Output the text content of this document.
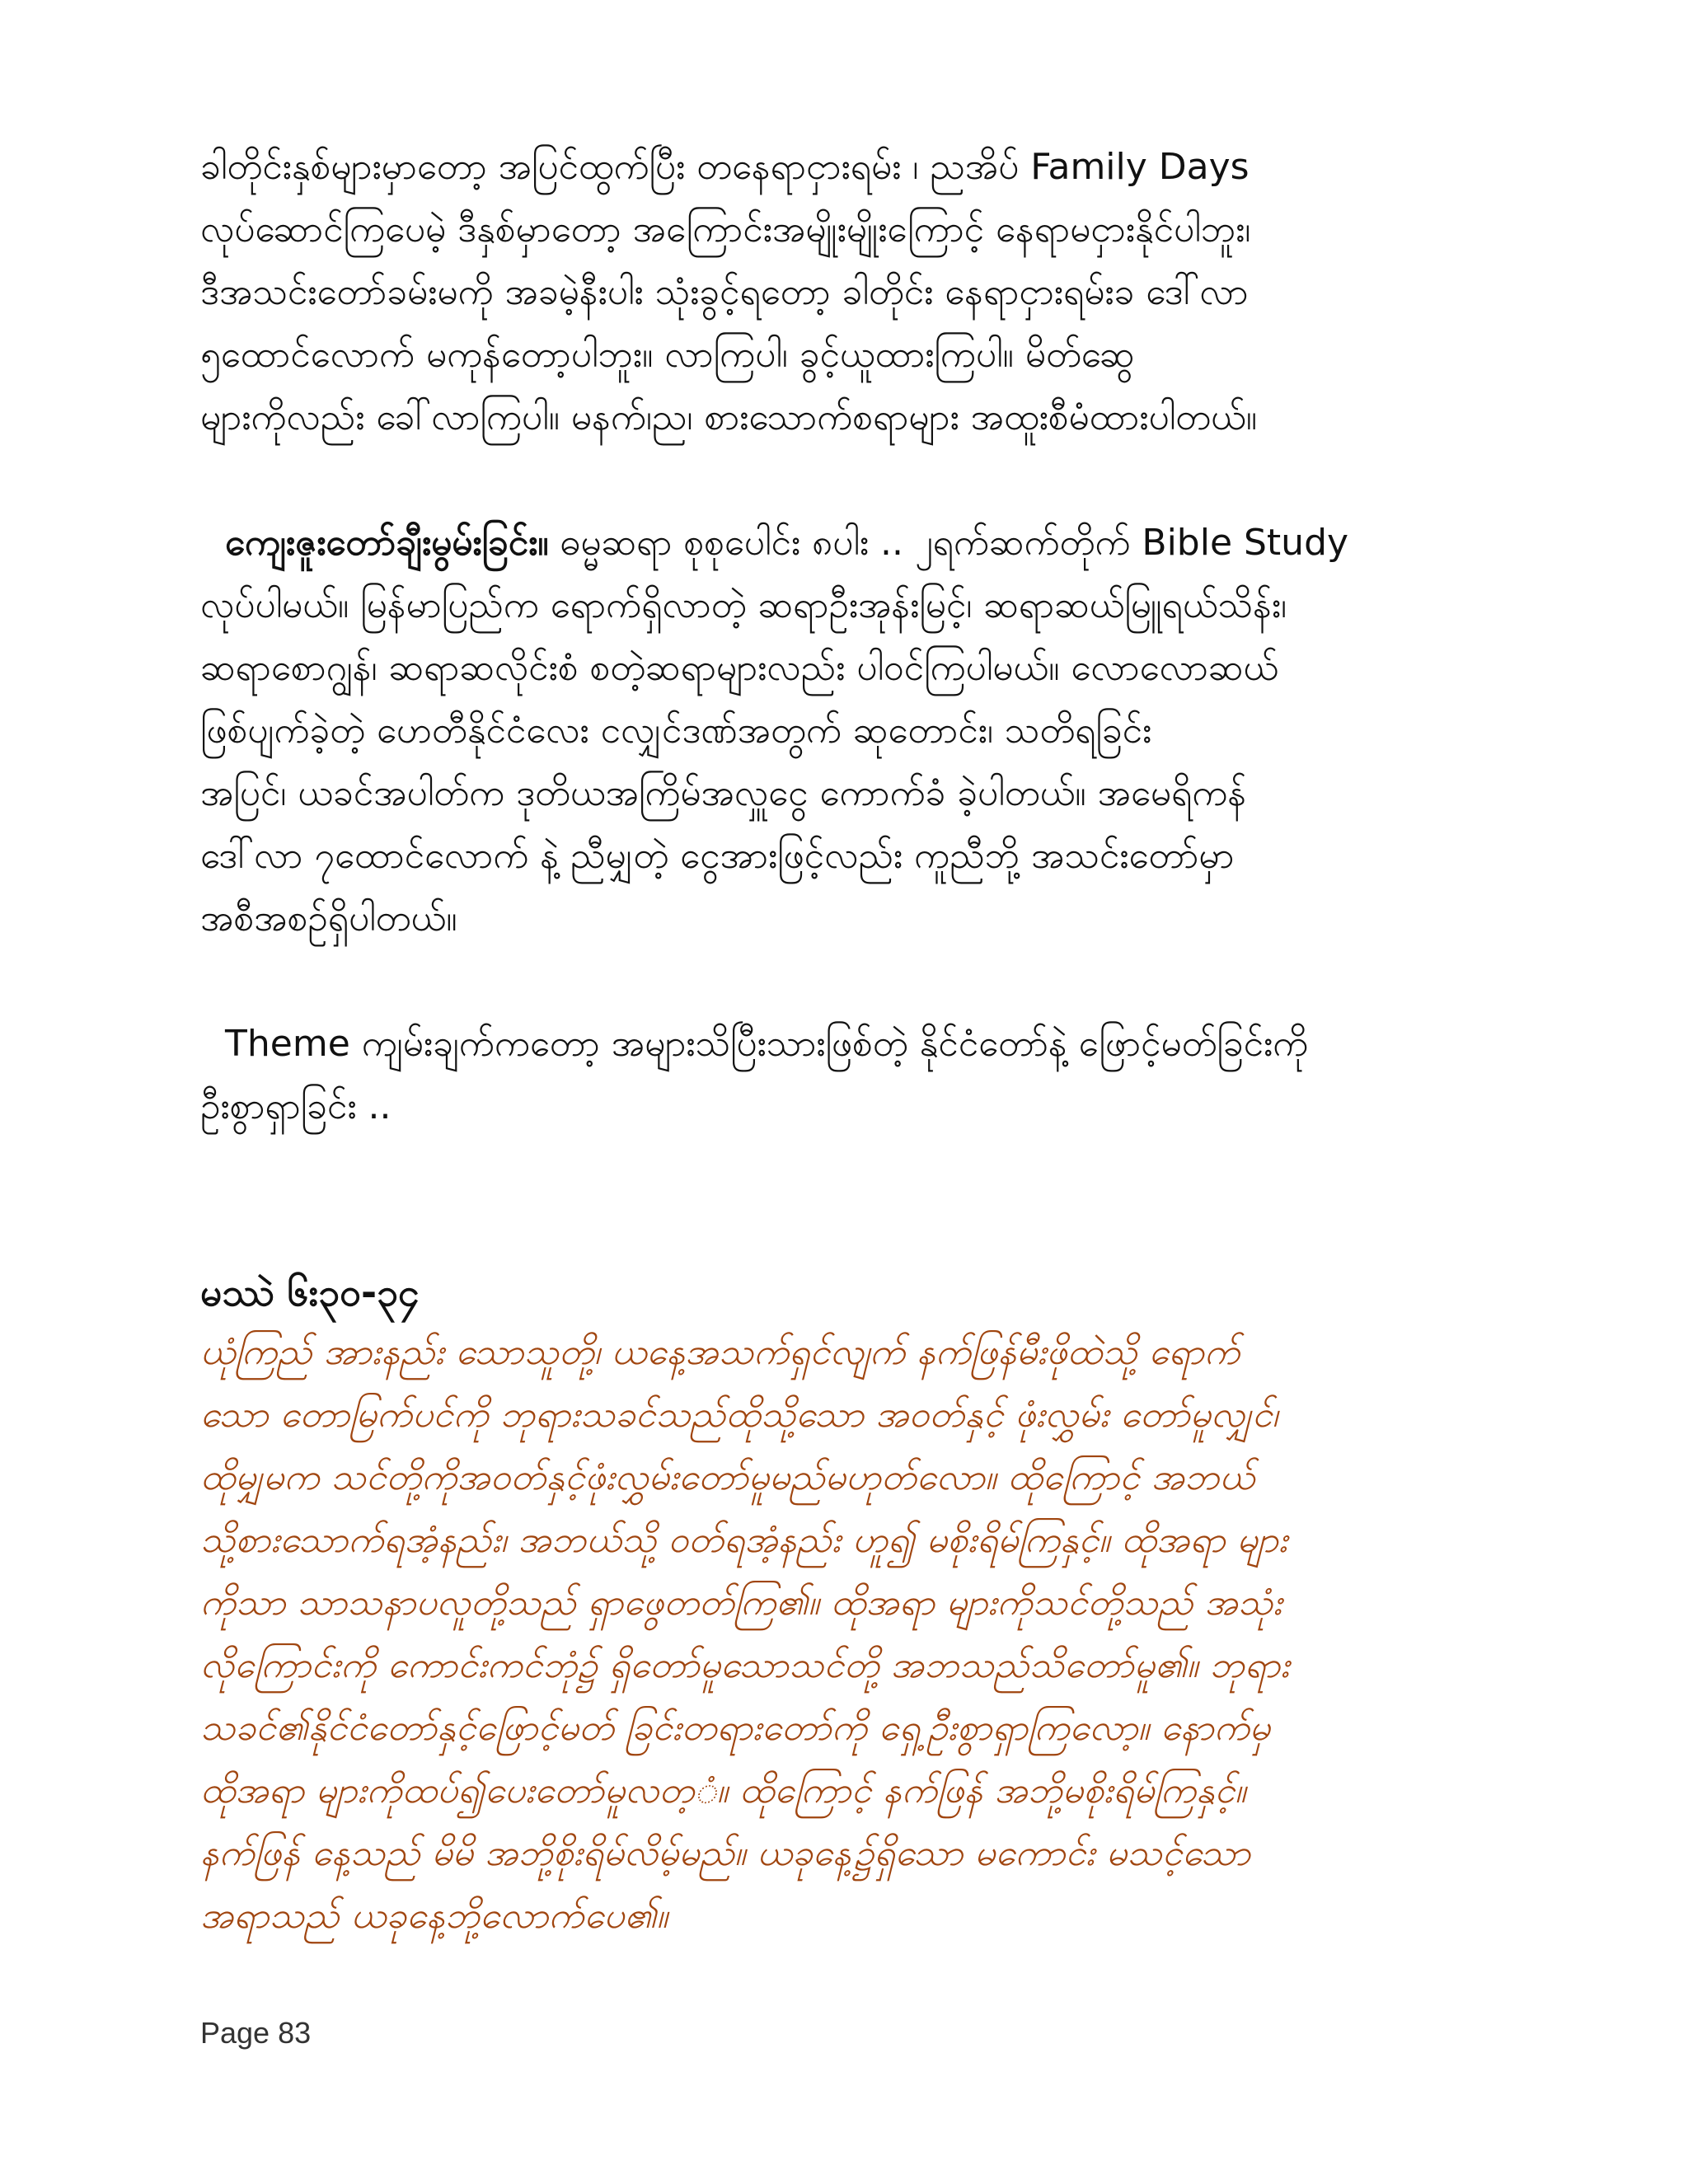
ခါတိုင်းနှစ်များမှာတော့ အပြင်ထွက်ပြီး တနေရာငှားရမ်း ၊ ညအိပ် Family Days
လုပ်ဆောင်ကြပေမဲ့ ဒီနှစ်မှာတော့ အကြောင်းအမျိုးမျိုးကြောင့် နေရာမငှားနိုင်ပါဘူး၊
ဒီအသင်းတော်ခမ်းမကို အခမဲ့နီးပါး သုံးခွင့်ရတော့ ခါတိုင်း နေရာငှားရမ်းခ ဒေါ်လာ
၅ထောင်လောက် မကုန်တော့ပါဘူး။ လာကြပါ၊ ခွင့်ယူထားကြပါ။ မိတ်ဆွေ
များကိုလည်း ခေါ်လာကြပါ။ မနက်၊ည၊ စားသောက်စရာများ အထူးစီမံထားပါတယ်။

ကျေးဇူးတော်ချီးမွမ်းခြင်း။ ဓမ္မဆရာ စုစုပေါင်း ၈ပါး .. ၂ရက်ဆက်တိုက် Bible Study
လုပ်ပါမယ်။ မြန်မာပြည်က ရောက်ရှိလာတဲ့ ဆရာဦးအုန်းမြင့်၊ ဆရာဆယ်မြူရယ်သိန်း၊
ဆရာစောဂျွန်၊ ဆရာဆလိုင်းစံ စတဲ့ဆရာများလည်း ပါ၀င်ကြပါမယ်။ လောလောဆယ်
ဖြစ်ပျက်ခဲ့တဲ့ ဟေတီနိုင်ငံလေး ငလျှင်ဒဏ်အတွက် ဆုတောင်း၊ သတိရခြင်း
အပြင်၊ ယခင်အပါတ်က ဒုတိယအကြိမ်အလှူငွေ ကောက်ခံ ခဲ့ပါတယ်။ အမေရိကန်
ဒေါ်လာ ၇ထောင်လောက် နဲ့ ညီမျှတဲ့ ငွေအားဖြင့်လည်း ကူညီဘို့ အသင်းတော်မှာ
အစီအစဉ်ရှိပါတယ်။

Theme ကျမ်းချက်ကတော့ အများသိပြီးသားဖြစ်တဲ့ နိုင်ငံတော်နဲ့ ဖြောင့်မတ်ခြင်းကို
ဦးစွာရှာခြင်း ..

မဿဲ ၆း၃၀-၃၄

ယုံကြည် အားနည်း သောသူတို့၊ ယနေ့အသက်ရှင်လျက် နက်ဖြန်မီးဖိုထဲသို့ ရောက်
သော တောမြက်ပင်ကို ဘုရားသခင်သည်ထိုသို့သော အ၀တ်နှင့် ဖုံးလွှမ်း တော်မူလျှင်၊
ထိုမျှမက သင်တို့ကိုအ၀တ်နှင့်ဖုံးလွှမ်းတော်မူမည်မဟုတ်လော။ ထိုကြောင့် အဘယ်
သို့စားသောက်ရအံ့နည်း၊ အဘယ်သို့ ၀တ်ရအံ့နည်း ဟူ၍ မစိုးရိမ်ကြနှင့်။ ထိုအရာ များ
ကိုသာ သာသနာပလူတို့သည် ရှာဖွေတတ်ကြ၏။ ထိုအရာ များကိုသင်တို့သည် အသုံး
လိုကြောင်းကို ကောင်းကင်ဘုံ၌ ရှိတော်မူသောသင်တို့ အဘသည်သိတော်မူ၏။ ဘုရား
သခင်၏နိုင်ငံတော်နှင့်ဖြောင့်မတ် ခြင်းတရားတော်ကို ရှေ့ဦးစွာရှာကြလော့။ နောက်မှ
ထိုအရာ များကိုထပ်၍ပေးတော်မူလတ့ံ။ ထိုကြောင့် နက်ဖြန် အဘို့မစိုးရိမ်ကြနှင့်။
နက်ဖြန် နေ့သည် မိမိ အဘို့စိုးရိမ်လိမ့်မည်။ ယခုနေ့၌ရှိသော မကောင်း မသင့်သော
အရာသည် ယခုနေ့ဘို့လောက်ပေ၏။

Page 83
